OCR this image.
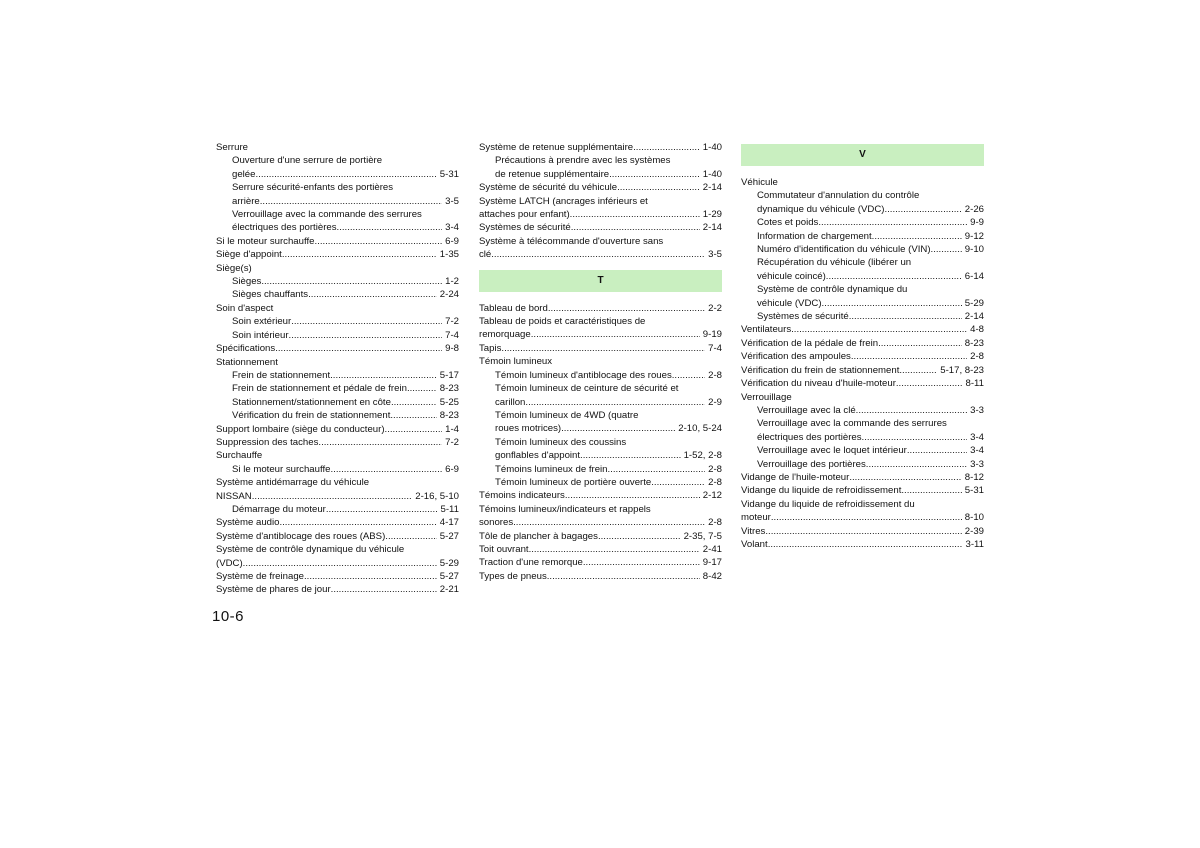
Serrure
Ouverture d'une serrure de portière
gelée .....	5-31
Serrure sécurité-enfants des portières
arrière .....	3-5
Verrouillage avec la commande des serrures
électriques des portières .....	3-4
Si le moteur surchauffe .....	6-9
Siège d'appoint .....	1-35
Siège(s)
Sièges .....	1-2
Sièges chauffants .....	2-24
Soin d'aspect
Soin extérieur .....	7-2
Soin intérieur .....	7-4
Spécifications .....	9-8
Stationnement
Frein de stationnement .....	5-17
Frein de stationnement et pédale de frein .....	8-23
Stationnement/stationnement en côte .....	5-25
Vérification du frein de stationnement .....	8-23
Support lombaire (siège du conducteur) .....	1-4
Suppression des taches .....	7-2
Surchauffe
Si le moteur surchauffe .....	6-9
Système antidémarrage du véhicule
NISSAN .....	2-16, 5-10
Démarrage du moteur .....	5-11
Système audio .....	4-17
Système d'antiblocage des roues (ABS) .....	5-27
Système de contrôle dynamique du véhicule
(VDC) .....	5-29
Système de freinage .....	5-27
Système de phares de jour .....	2-21
Système de retenue supplémentaire .....	1-40
Précautions à prendre avec les systèmes
de retenue supplémentaire .....	1-40
Système de sécurité du véhicule .....	2-14
Système LATCH (ancrages inférieurs et
attaches pour enfant) .....	1-29
Systèmes de sécurité .....	2-14
Système à télécommande d'ouverture sans
clé .....	3-5
T
Tableau de bord .....	2-2
Tableau de poids et caractéristiques de
remorquage .....	9-19
Tapis .....	7-4
Témoin lumineux
Témoin lumineux d'antiblocage des roues .....	2-8
Témoin lumineux de ceinture de sécurité et
carillon .....	2-9
Témoin lumineux de 4WD (quatre
roues motrices) .....	2-10, 5-24
Témoin lumineux des coussins
gonflables d'appoint .....	1-52, 2-8
Témoins lumineux de frein .....	2-8
Témoin lumineux de portière ouverte .....	2-8
Témoins indicateurs .....	2-12
Témoins lumineux/indicateurs et rappels
sonores .....	2-8
Tôle de plancher à bagages .....	2-35, 7-5
Toit ouvrant .....	2-41
Traction d'une remorque .....	9-17
Types de pneus .....	8-42
V
Véhicule
Commutateur d'annulation du contrôle
dynamique du véhicule (VDC) .....	2-26
Cotes et poids .....	9-9
Information de chargement .....	9-12
Numéro d'identification du véhicule (VIN) .....	9-10
Récupération du véhicule (libérer un
véhicule coincé) .....	6-14
Système de contrôle dynamique du
véhicule (VDC) .....	5-29
Systèmes de sécurité .....	2-14
Ventilateurs .....	4-8
Vérification de la pédale de frein .....	8-23
Vérification des ampoules .....	2-8
Vérification du frein de stationnement .....	5-17, 8-23
Vérification du niveau d'huile-moteur .....	8-11
Verrouillage
Verrouillage avec la clé .....	3-3
Verrouillage avec la commande des serrures
électriques des portières .....	3-4
Verrouillage avec le loquet intérieur .....	3-4
Verrouillage des portières .....	3-3
Vidange de l'huile-moteur .....	8-12
Vidange du liquide de refroidissement .....	5-31
Vidange du liquide de refroidissement du
moteur .....	8-10
Vitres .....	2-39
Volant .....	3-11
10-6
